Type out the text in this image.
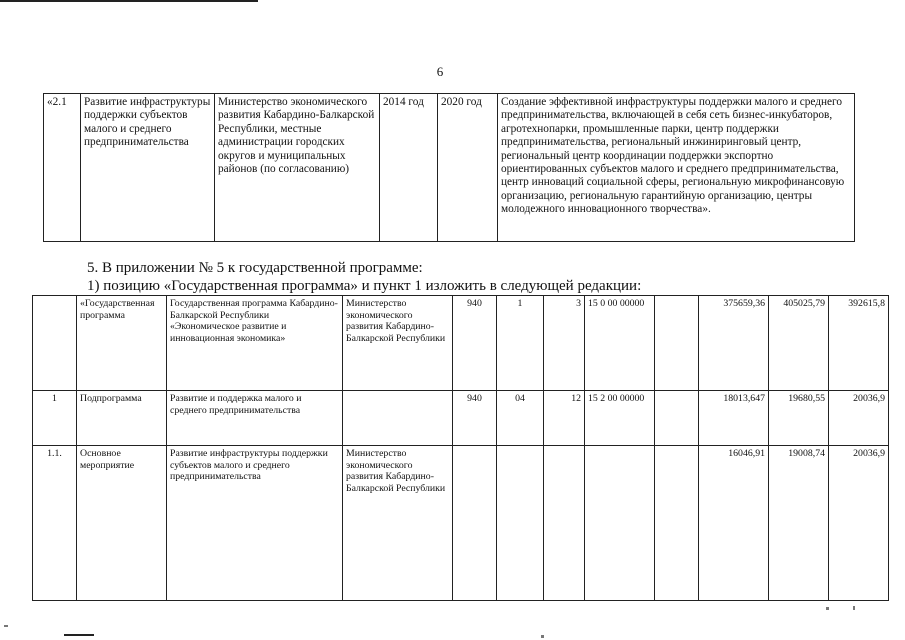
6
«2.1	Развитие инфраструктуры поддержки субъектов малого и среднего предпринимательства	Министерство экономического развития Кабардино-Балкарской Республики, местные администрации городских округов и муниципальных районов (по согласованию)	2014 год	2020 год	Создание эффективной инфраструктуры поддержки малого и среднего предпринимательства, включающей в себя сеть бизнес-инкубаторов, агротехнопарки, промышленные парки, центр поддержки предпринимательства, региональный инжиниринговый центр, региональный центр координации поддержки экспортно ориентированных субъектов малого и среднего предпринимательства, центр инноваций социальной сферы, региональную микрофинансовую организацию, региональную гарантийную организацию, центры молодежного инновационного творчества».
5. В приложении № 5 к государственной программе:
1) позицию «Государственная программа» и пункт 1 изложить в следующей редакции:
	«Государственная программа	Государственная программа Кабардино-Балкарской Республики «Экономическое развитие и инновационная экономика»	Министерство экономического развития Кабардино-Балкарской Республики	940	1	3	15 0 00 00000		375659,36	405025,79	392615,8
1	Подпрограмма	Развитие и поддержка малого и среднего предпринимательства		940	04	12	15 2 00 00000		18013,647	19680,55	20036,9
1.1.	Основное мероприятие	Развитие инфраструктуры поддержки субъектов малого и среднего предпринимательства	Министерство экономического развития Кабардино-Балкарской Республики						16046,91	19008,74	20036,9
